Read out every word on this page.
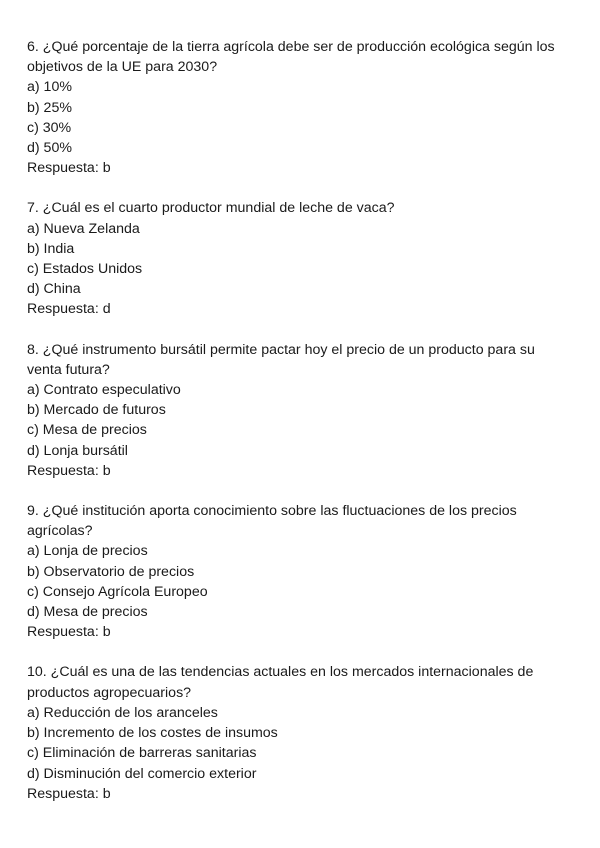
6. ¿Qué porcentaje de la tierra agrícola debe ser de producción ecológica según los objetivos de la UE para 2030?
a) 10%
b) 25%
c) 30%
d) 50%
Respuesta: b
7. ¿Cuál es el cuarto productor mundial de leche de vaca?
a) Nueva Zelanda
b) India
c) Estados Unidos
d) China
Respuesta: d
8. ¿Qué instrumento bursátil permite pactar hoy el precio de un producto para su venta futura?
a) Contrato especulativo
b) Mercado de futuros
c) Mesa de precios
d) Lonja bursátil
Respuesta: b
9. ¿Qué institución aporta conocimiento sobre las fluctuaciones de los precios agrícolas?
a) Lonja de precios
b) Observatorio de precios
c) Consejo Agrícola Europeo
d) Mesa de precios
Respuesta: b
10. ¿Cuál es una de las tendencias actuales en los mercados internacionales de productos agropecuarios?
a) Reducción de los aranceles
b) Incremento de los costes de insumos
c) Eliminación de barreras sanitarias
d) Disminución del comercio exterior
Respuesta: b
